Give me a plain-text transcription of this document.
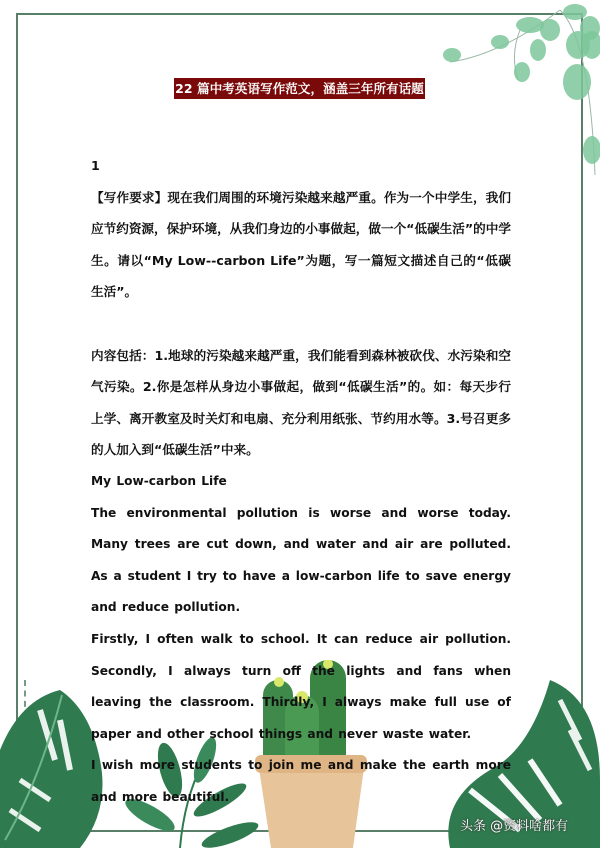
22 篇中考英语写作范文，涵盖三年所有话题

1

【写作要求】现在我们周围的环境污染越来越严重。作为一个中学生，我们应节约资源，保护环境，从我们身边的小事做起，做一个“低碳生活”的中学生。请以“My Low--carbon Life”为题，写一篇短文描述自己的“低碳生活”。

内容包括：1.地球的污染越来越严重，我们能看到森林被砍伐、水污染和空气污染。2.你是怎样从身边小事做起，做到“低碳生活”的。如：每天步行上学、离开教室及时关灯和电扇、充分利用纸张、节约用水等。3.号召更多的人加入到“低碳生活”中来。

My Low-carbon Life

The environmental pollution is worse and worse today. Many trees are cut down, and water and air are polluted. As a student I try to have a low-carbon life to save energy and reduce pollution.

Firstly, I often walk to school. It can reduce air pollution. Secondly, I always turn off the lights and fans when leaving the classroom. Thirdly, I always make full use of paper and other school things and never waste water.

I wish more students to join me and make the earth more and more beautiful.

头条 @资料啥都有
